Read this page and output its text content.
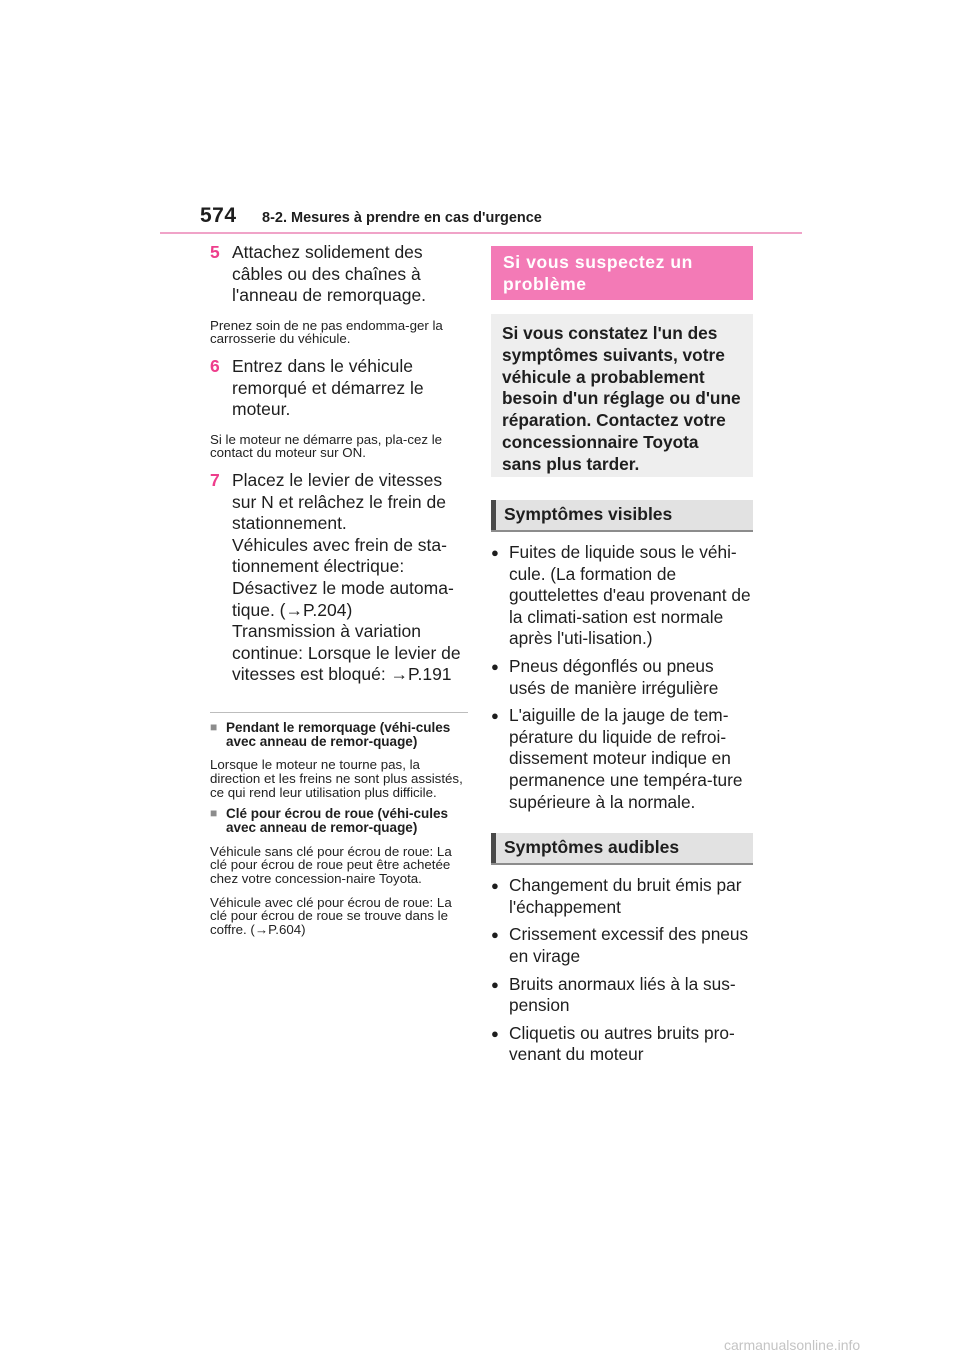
574 8-2. Mesures à prendre en cas d'urgence
5 Attachez solidement des câbles ou des chaînes à l'anneau de remorquage.
Prenez soin de ne pas endomma-ger la carrosserie du véhicule.
6 Entrez dans le véhicule remorqué et démarrez le moteur.
Si le moteur ne démarre pas, pla-cez le contact du moteur sur ON.
7 Placez le levier de vitesses sur N et relâchez le frein de stationnement.
Véhicules avec frein de sta-tionnement électrique: Désactivez le mode automa-tique. (→P.204)
Transmission à variation continue: Lorsque le levier de vitesses est bloqué: →P.191
■ Pendant le remorquage (véhi-cules avec anneau de remor-quage)
Lorsque le moteur ne tourne pas, la direction et les freins ne sont plus assistés, ce qui rend leur utilisation plus difficile.
■ Clé pour écrou de roue (véhi-cules avec anneau de remor-quage)
Véhicule sans clé pour écrou de roue: La clé pour écrou de roue peut être achetée chez votre concession-naire Toyota.
Véhicule avec clé pour écrou de roue: La clé pour écrou de roue se trouve dans le coffre. (→P.604)
Si vous suspectez un problème
Si vous constatez l'un des symptômes suivants, votre véhicule a probablement besoin d'un réglage ou d'une réparation. Contactez votre concessionnaire Toyota sans plus tarder.
Symptômes visibles
● Fuites de liquide sous le véhi-cule. (La formation de gouttelettes d'eau provenant de la climati-sation est normale après l'uti-lisation.)
● Pneus dégonflés ou pneus usés de manière irrégulière
● L'aiguille de la jauge de tem-pérature du liquide de refroi-dissement moteur indique en permanence une tempéra-ture supérieure à la normale.
Symptômes audibles
● Changement du bruit émis par l'échappement
● Crissement excessif des pneus en virage
● Bruits anormaux liés à la sus-pension
● Cliquetis ou autres bruits pro-venant du moteur
carmanualsonline.info
